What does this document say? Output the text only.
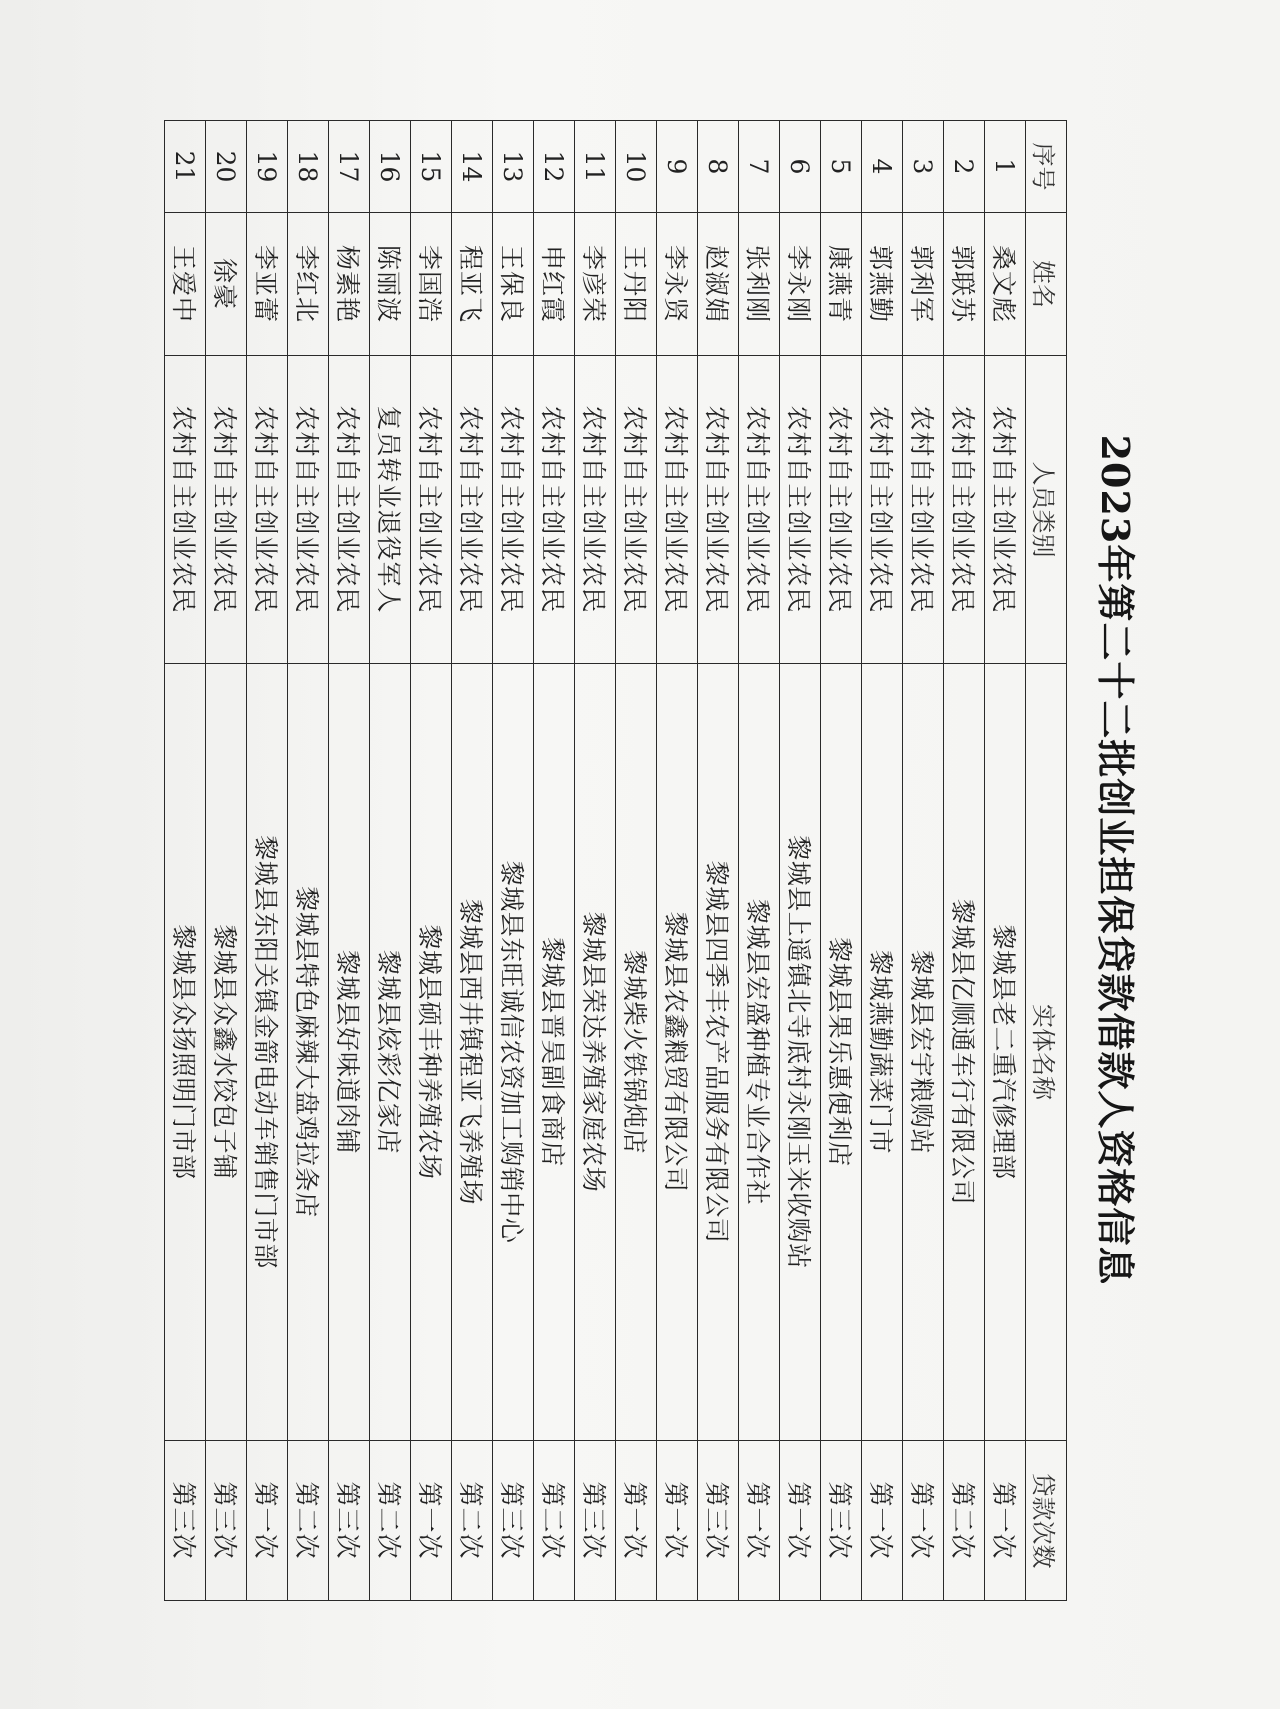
2023年第二十二批创业担保贷款借款人资格信息
序号	姓名	人员类别	实体名称	贷款次数
1	桑文彪	农村自主创业农民	黎城县老二重汽修理部	第一次
2	郭联苏	农村自主创业农民	黎城县亿顺通车行有限公司	第二次
3	郭利军	农村自主创业农民	黎城县宏宇粮购站	第一次
4	郭燕勤	农村自主创业农民	黎城燕勤蔬菜门市	第一次
5	康燕青	农村自主创业农民	黎城县果乐惠便利店	第三次
6	李永刚	农村自主创业农民	黎城县上遥镇北寺底村永刚玉米收购站	第一次
7	张利刚	农村自主创业农民	黎城县宏盛种植专业合作社	第一次
8	赵淑娟	农村自主创业农民	黎城县四季丰农产品服务有限公司	第三次
9	李永贤	农村自主创业农民	黎城县农鑫粮贸有限公司	第一次
10	王丹阳	农村自主创业农民	黎城柴火铁锅炖店	第一次
11	李彦荣	农村自主创业农民	黎城县荣达养殖家庭农场	第三次
12	申红霞	农村自主创业农民	黎城县晋昊副食商店	第二次
13	王保良	农村自主创业农民	黎城县东旺诚信农资加工购销中心	第三次
14	程亚飞	农村自主创业农民	黎城县西井镇程亚飞养殖场	第二次
15	李国浩	农村自主创业农民	黎城县硕丰种养殖农场	第一次
16	陈丽波	复员转业退役军人	黎城县炫彩亿家店	第二次
17	杨素艳	农村自主创业农民	黎城县好味道肉铺	第三次
18	李红北	农村自主创业农民	黎城县特色麻辣大盘鸡拉条店	第二次
19	李亚蕾	农村自主创业农民	黎城县东阳关镇金箭电动车销售门市部	第一次
20	徐豪	农村自主创业农民	黎城县众鑫水饺包子铺	第三次
21	王爱中	农村自主创业农民	黎城县众扬照明门市部	第三次
